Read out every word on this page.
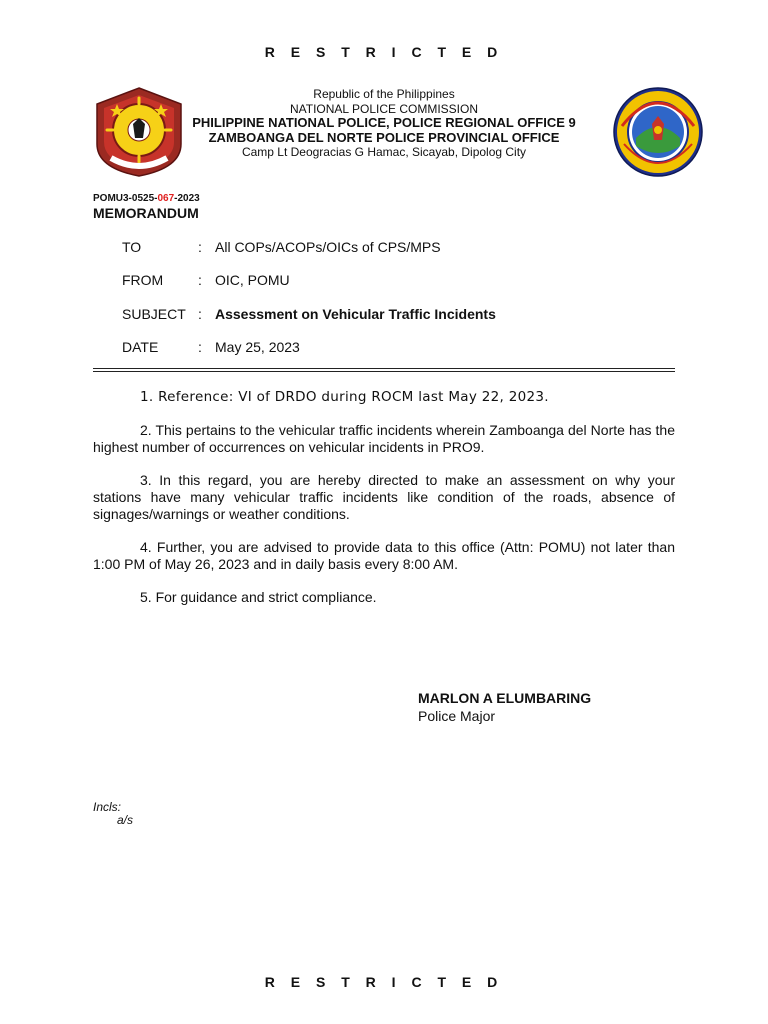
R E S T R I C T E D
Republic of the Philippines
NATIONAL POLICE COMMISSION
PHILIPPINE NATIONAL POLICE, POLICE REGIONAL OFFICE 9
ZAMBOANGA DEL NORTE POLICE PROVINCIAL OFFICE
Camp Lt Deogracias G Hamac, Sicayab, Dipolog City
POMU3-0525-067-2023
MEMORANDUM
TO	: All COPs/ACOPs/OICs of CPS/MPS
FROM	: OIC, POMU
SUBJECT : Assessment on Vehicular Traffic Incidents
DATE	: May 25, 2023

1. Reference: VI of DRDO during ROCM last May 22, 2023.

2. This pertains to the vehicular traffic incidents wherein Zamboanga del Norte has the highest number of occurrences on vehicular incidents in PRO9.

3. In this regard, you are hereby directed to make an assessment on why your stations have many vehicular traffic incidents like condition of the roads, absence of signages/warnings or weather conditions.

4. Further, you are advised to provide data to this office (Attn: POMU) not later than 1:00 PM of May 26, 2023 and in daily basis every 8:00 AM.

5. For guidance and strict compliance.

MARLON A ELUMBARING
Police Major
Incls:
a/s
R E S T R I C T E D
